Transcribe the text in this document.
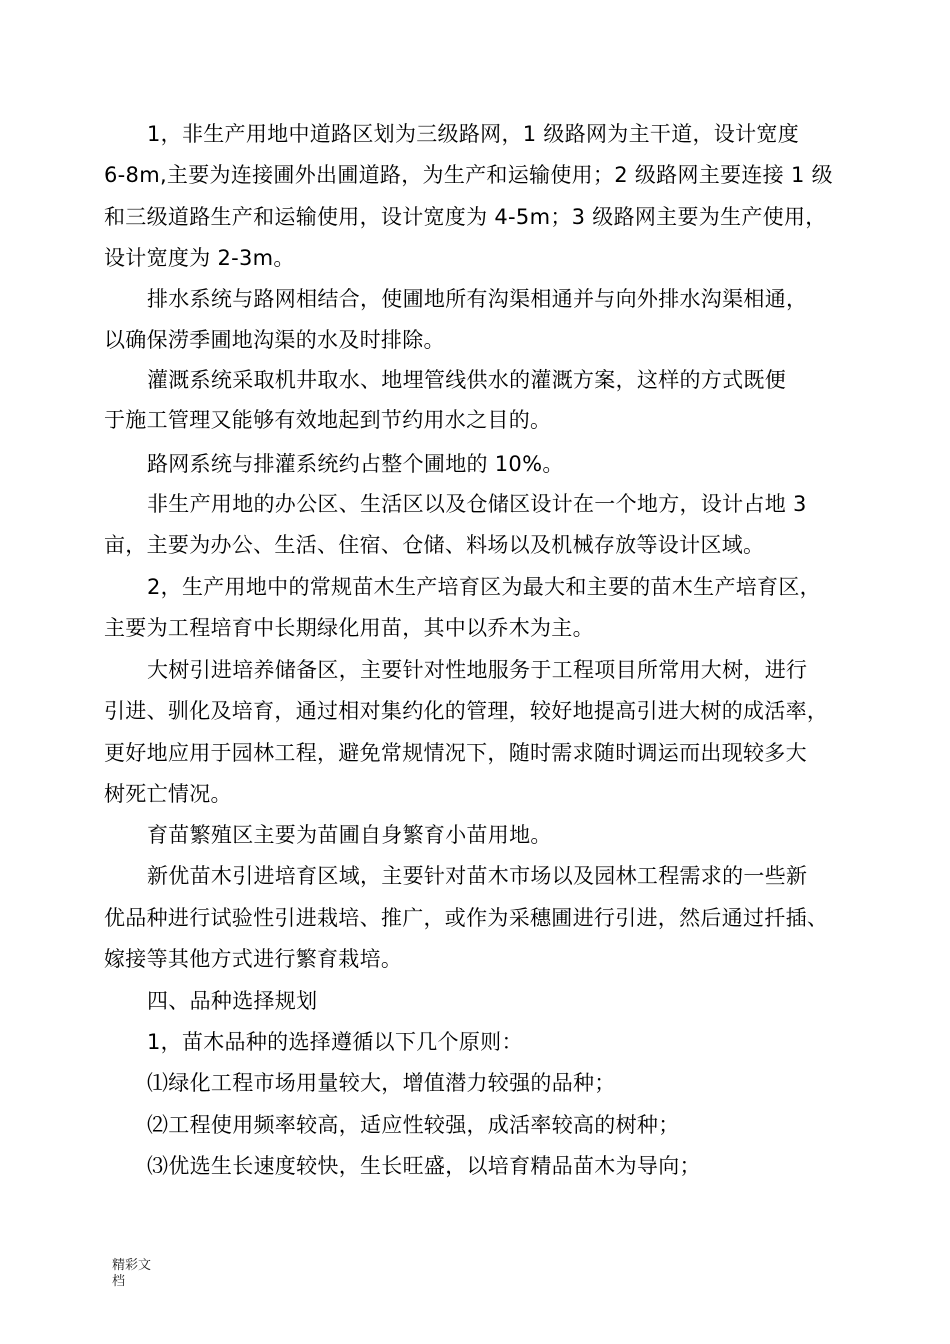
1，非生产用地中道路区划为三级路网，1 级路网为主干道，设计宽度
6-8m,主要为连接圃外出圃道路，为生产和运输使用；2 级路网主要连接 1 级
和三级道路生产和运输使用，设计宽度为 4-5m；3 级路网主要为生产使用，
设计宽度为 2-3m。
排水系统与路网相结合，使圃地所有沟渠相通并与向外排水沟渠相通，
以确保涝季圃地沟渠的水及时排除。
灌溉系统采取机井取水、地埋管线供水的灌溉方案，这样的方式既便
于施工管理又能够有效地起到节约用水之目的。
路网系统与排灌系统约占整个圃地的 10%。
非生产用地的办公区、生活区以及仓储区设计在一个地方，设计占地 3
亩，主要为办公、生活、住宿、仓储、料场以及机械存放等设计区域。
2，生产用地中的常规苗木生产培育区为最大和主要的苗木生产培育区，
主要为工程培育中长期绿化用苗，其中以乔木为主。
大树引进培养储备区，主要针对性地服务于工程项目所常用大树，进行
引进、驯化及培育，通过相对集约化的管理，较好地提高引进大树的成活率，
更好地应用于园林工程，避免常规情况下，随时需求随时调运而出现较多大
树死亡情况。
育苗繁殖区主要为苗圃自身繁育小苗用地。
新优苗木引进培育区域，主要针对苗木市场以及园林工程需求的一些新
优品种进行试验性引进栽培、推广，或作为采穗圃进行引进，然后通过扦插、
嫁接等其他方式进行繁育栽培。
四、品种选择规划
1，苗木品种的选择遵循以下几个原则：
⑴绿化工程市场用量较大，增值潜力较强的品种；
⑵工程使用频率较高，适应性较强，成活率较高的树种；
⑶优选生长速度较快，生长旺盛，以培育精品苗木为导向；
精彩文档
